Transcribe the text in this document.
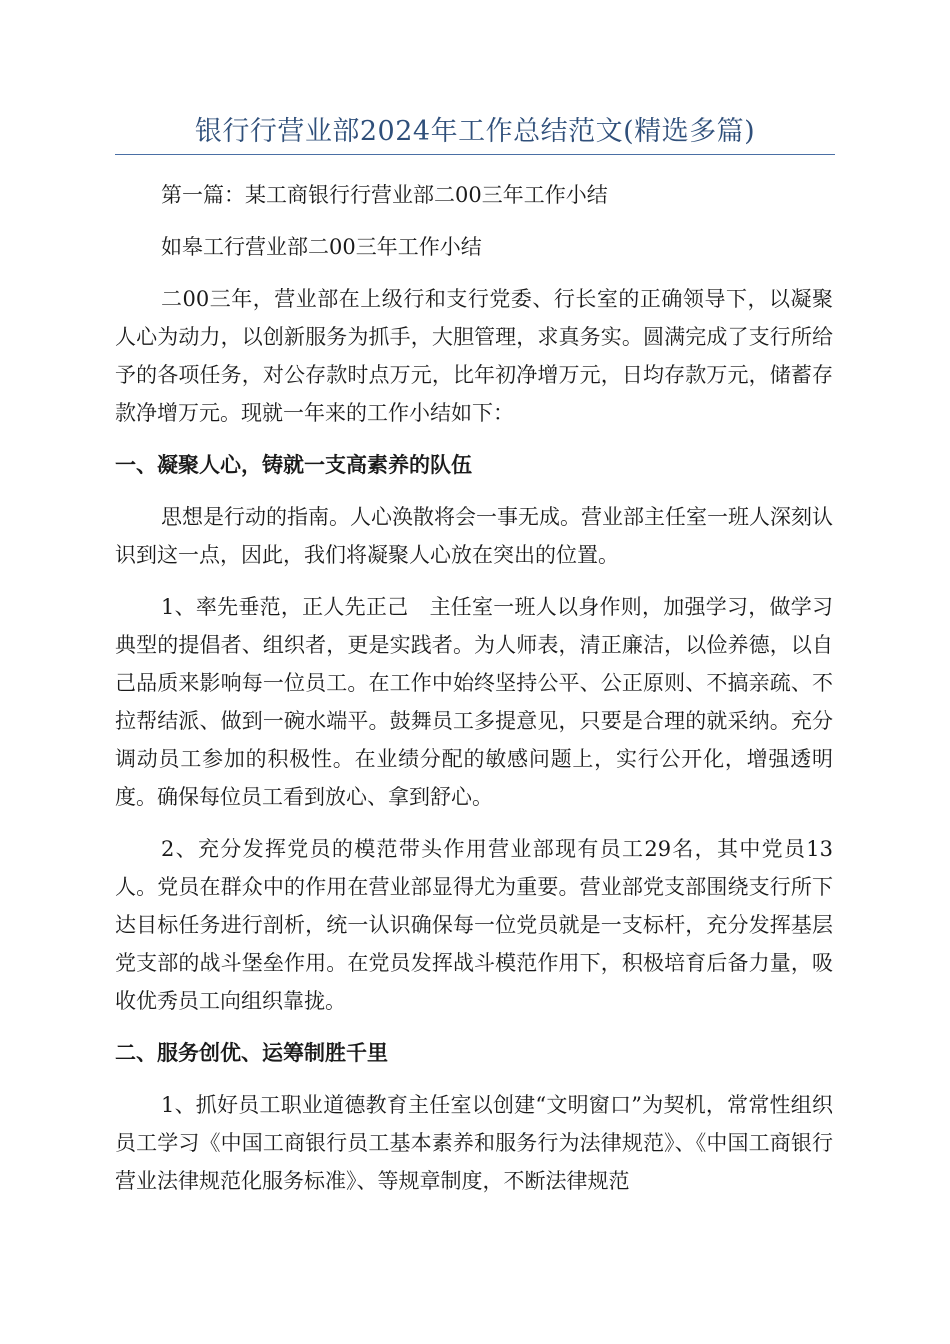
银行行营业部2024年工作总结范文(精选多篇)

第一篇：某工商银行行营业部二00三年工作小结

如皋工行营业部二00三年工作小结

二00三年，营业部在上级行和支行党委、行长室的正确领导下，以凝聚人心为动力，以创新服务为抓手，大胆管理，求真务实。圆满完成了支行所给予的各项任务，对公存款时点万元，比年初净增万元，日均存款万元，储蓄存款净增万元。现就一年来的工作小结如下：

一、凝聚人心，铸就一支高素养的队伍

思想是行动的指南。人心涣散将会一事无成。营业部主任室一班人深刻认识到这一点，因此，我们将凝聚人心放在突出的位置。

1、率先垂范，正人先正己　主任室一班人以身作则，加强学习，做学习典型的提倡者、组织者，更是实践者。为人师表，清正廉洁，以俭养德，以自己品质来影响每一位员工。在工作中始终坚持公平、公正原则、不搞亲疏、不拉帮结派、做到一碗水端平。鼓舞员工多提意见，只要是合理的就采纳。充分调动员工参加的积极性。在业绩分配的敏感问题上，实行公开化，增强透明度。确保每位员工看到放心、拿到舒心。

2、充分发挥党员的模范带头作用营业部现有员工29名，其中党员13人。党员在群众中的作用在营业部显得尤为重要。营业部党支部围绕支行所下达目标任务进行剖析，统一认识确保每一位党员就是一支标杆，充分发挥基层党支部的战斗堡垒作用。在党员发挥战斗模范作用下，积极培育后备力量，吸收优秀员工向组织靠拢。

二、服务创优、运筹制胜千里

1、抓好员工职业道德教育主任室以创建“文明窗口”为契机，常常性组织员工学习《中国工商银行员工基本素养和服务行为法律规范》、《中国工商银行营业法律规范化服务标准》、等规章制度，不断法律规范
